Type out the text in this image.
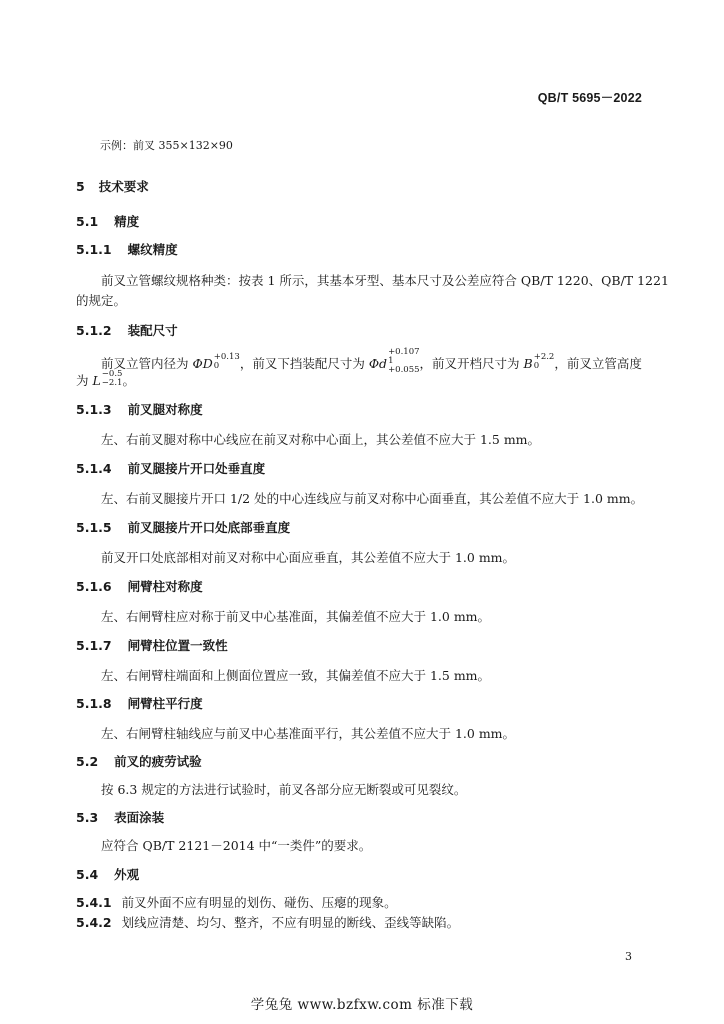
QB/T 5695－2022
示例：前叉 355×132×90
5 技术要求
5.1 精度
5.1.1 螺纹精度
前叉立管螺纹规格种类：按表 1 所示，其基本牙型、基本尺寸及公差应符合 QB/T 1220、QB/T 1221
的规定。
5.1.2 装配尺寸
前叉立管内径为 ΦD $^{+0.13 0}$	，前叉下挡装配尺寸为 Φd
$^{+0.107 1 +0.055}$ ，前叉开档尺寸为 B $^{+2.2 0}$	，前叉立管高度
为 L $^{-0.5 -2.1}$ 。
5.1.3 前叉腿对称度
左、右前叉腿对称中心线应在前叉对称中心面上，其公差值不应大于 1.5 mm。
5.1.4 前叉腿接片开口处垂直度
左、右前叉腿接片开口 1/2 处的中心连线应与前叉对称中心面垂直，其公差值不应大于 1.0 mm。
5.1.5 前叉腿接片开口处底部垂直度
前叉开口处底部相对前叉对称中心面应垂直，其公差值不应大于 1.0 mm。
5.1.6 闸臂柱对称度
左、右闸臂柱应对称于前叉中心基准面，其偏差值不应大于 1.0 mm。
5.1.7 闸臂柱位置一致性
左、右闸臂柱端面和上侧面位置应一致，其偏差值不应大于 1.5 mm。
5.1.8 闸臂柱平行度
左、右闸臂柱轴线应与前叉中心基准面平行，其公差值不应大于 1.0 mm。
5.2 前叉的疲劳试验
按 6.3 规定的方法进行试验时，前叉各部分应无断裂或可见裂纹。
5.3 表面涂装
应符合 QB/T 2121－2014 中“一类件”的要求。
5.4 外观
5.4.1 前叉外面不应有明显的划伤、碰伤、压瘪的现象。
5.4.2 划线应清楚、均匀、整齐，不应有明显的断线、歪线等缺陷。
3
学兔兔 www.bzfxw.com 标准下载
